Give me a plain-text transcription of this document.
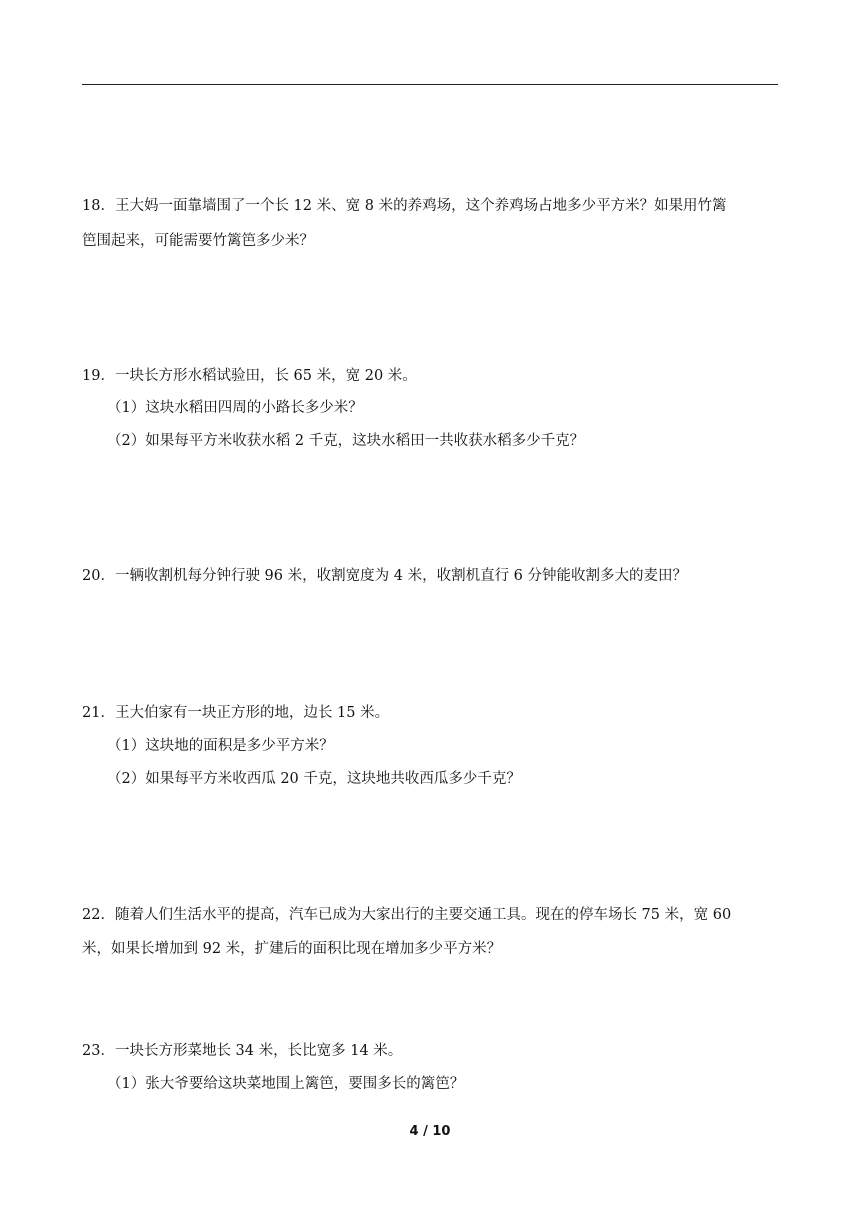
18．王大妈一面靠墙围了一个长 12 米、宽 8 米的养鸡场，这个养鸡场占地多少平方米？如果用竹篱
笆围起来，可能需要竹篱笆多少米？
19．一块长方形水稻试验田，长 65 米，宽 20 米。
（1）这块水稻田四周的小路长多少米？
（2）如果每平方米收获水稻 2 千克，这块水稻田一共收获水稻多少千克？
20．一辆收割机每分钟行驶 96 米，收割宽度为 4 米，收割机直行 6 分钟能收割多大的麦田？
21．王大伯家有一块正方形的地，边长 15 米。
（1）这块地的面积是多少平方米？
（2）如果每平方米收西瓜 20 千克，这块地共收西瓜多少千克？
22．随着人们生活水平的提高，汽车已成为大家出行的主要交通工具。现在的停车场长 75 米，宽 60
米，如果长增加到 92 米，扩建后的面积比现在增加多少平方米？
23．一块长方形菜地长 34 米，长比宽多 14 米。
（1）张大爷要给这块菜地围上篱笆，要围多长的篱笆？
4 / 10
